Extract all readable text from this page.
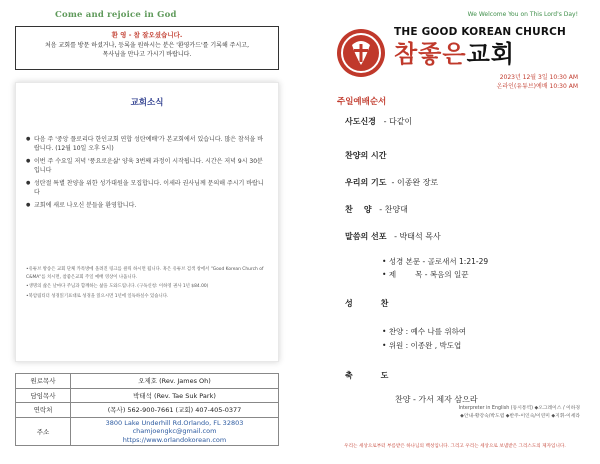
Come and rejoice in God
환 영 - 참 잘오셨습니다.
처음 교회를 방문 하셨거나, 등록을 원하시는 분은 '환영카드'를 기록해 주시고,
목사님을 만나고 가시기 바랍니다.
교회소식
● 다음 주 '중앙 플로리다 한인교회 연합 성탄예배'가 본교회에서 있습니다. 많은 참석을 바랍니다. (12월 10일 오후 5시)
● 이번 주 수요일 저녁 '풍요로운삶' 양육 3번째 과정이 시작됩니다. 시간은 저녁 9시 30분입니다
● 성탄절 특별 찬양을 위한 성가대원을 모집합니다. 이세라 권사님께 문의해 주시기 바랍니다
● 교회에 새로 나오신 분들을 환영합니다.

•유튜브 방송은 교회 단체 카톡방에 올려진 링크를 클릭 하시면 됩니다. 혹은 유튜브 검색 창에서 "Good Korean Church of C&MA"를 치시면, 참좋은교회 주일 예배 영상이 나옵니다.

•생명의 삶은 날마다 주님과 함께하는 삶을 도와드립니다. (구독신청: 이하영 권사 1년 $84.00)

•북암림티더 성경읽기표대로 성경을 읽으시면 1년에 일독하실수 있습니다.

원로목사	오제호 (Rev. James Oh)
담임목사	박태석 (Rev. Tae Suk Park)
연락처	(목사) 562-900-7661 (교회) 407-405-0377
주소	3800 Lake Underhill Rd.Orlando, FL 32803
chamjoengkc@gmail.com
https://www.orlandokorean.com
We Welcome You on This Lord's Day!
THE GOOD KOREAN CHURCH
참좋은교회
2023년 12월 3일 10:30 AM
온라인(유튜브)예배 10:30 AM
주일예배순서
사도신경 - 다같이
찬양의 시간
우리의 기도 - 이종완 장로
찬    양 - 찬양대
말씀의 선포 - 박태석 목사
• 성경 본문 - 골로새서 1:21-29
• 제        목 - 복음의 일꾼
성          찬
• 찬양 : 예수 나를 위하여
• 위원 : 이종완 , 박도엽
축          도
찬양 - 가서 제자 삼으라
Interpreter in English (동시통역) ◆오그레이스 / 이하경
◆안내-황강숙/박도엽 ◆반주-이인숙/이연미 ◆지휘-이세라
우리는 세상으로부터 부름받은 하나님의 백성입니다. 그리고 우리는 세상으로 보냄받은 그리스도의 제자입니다.
